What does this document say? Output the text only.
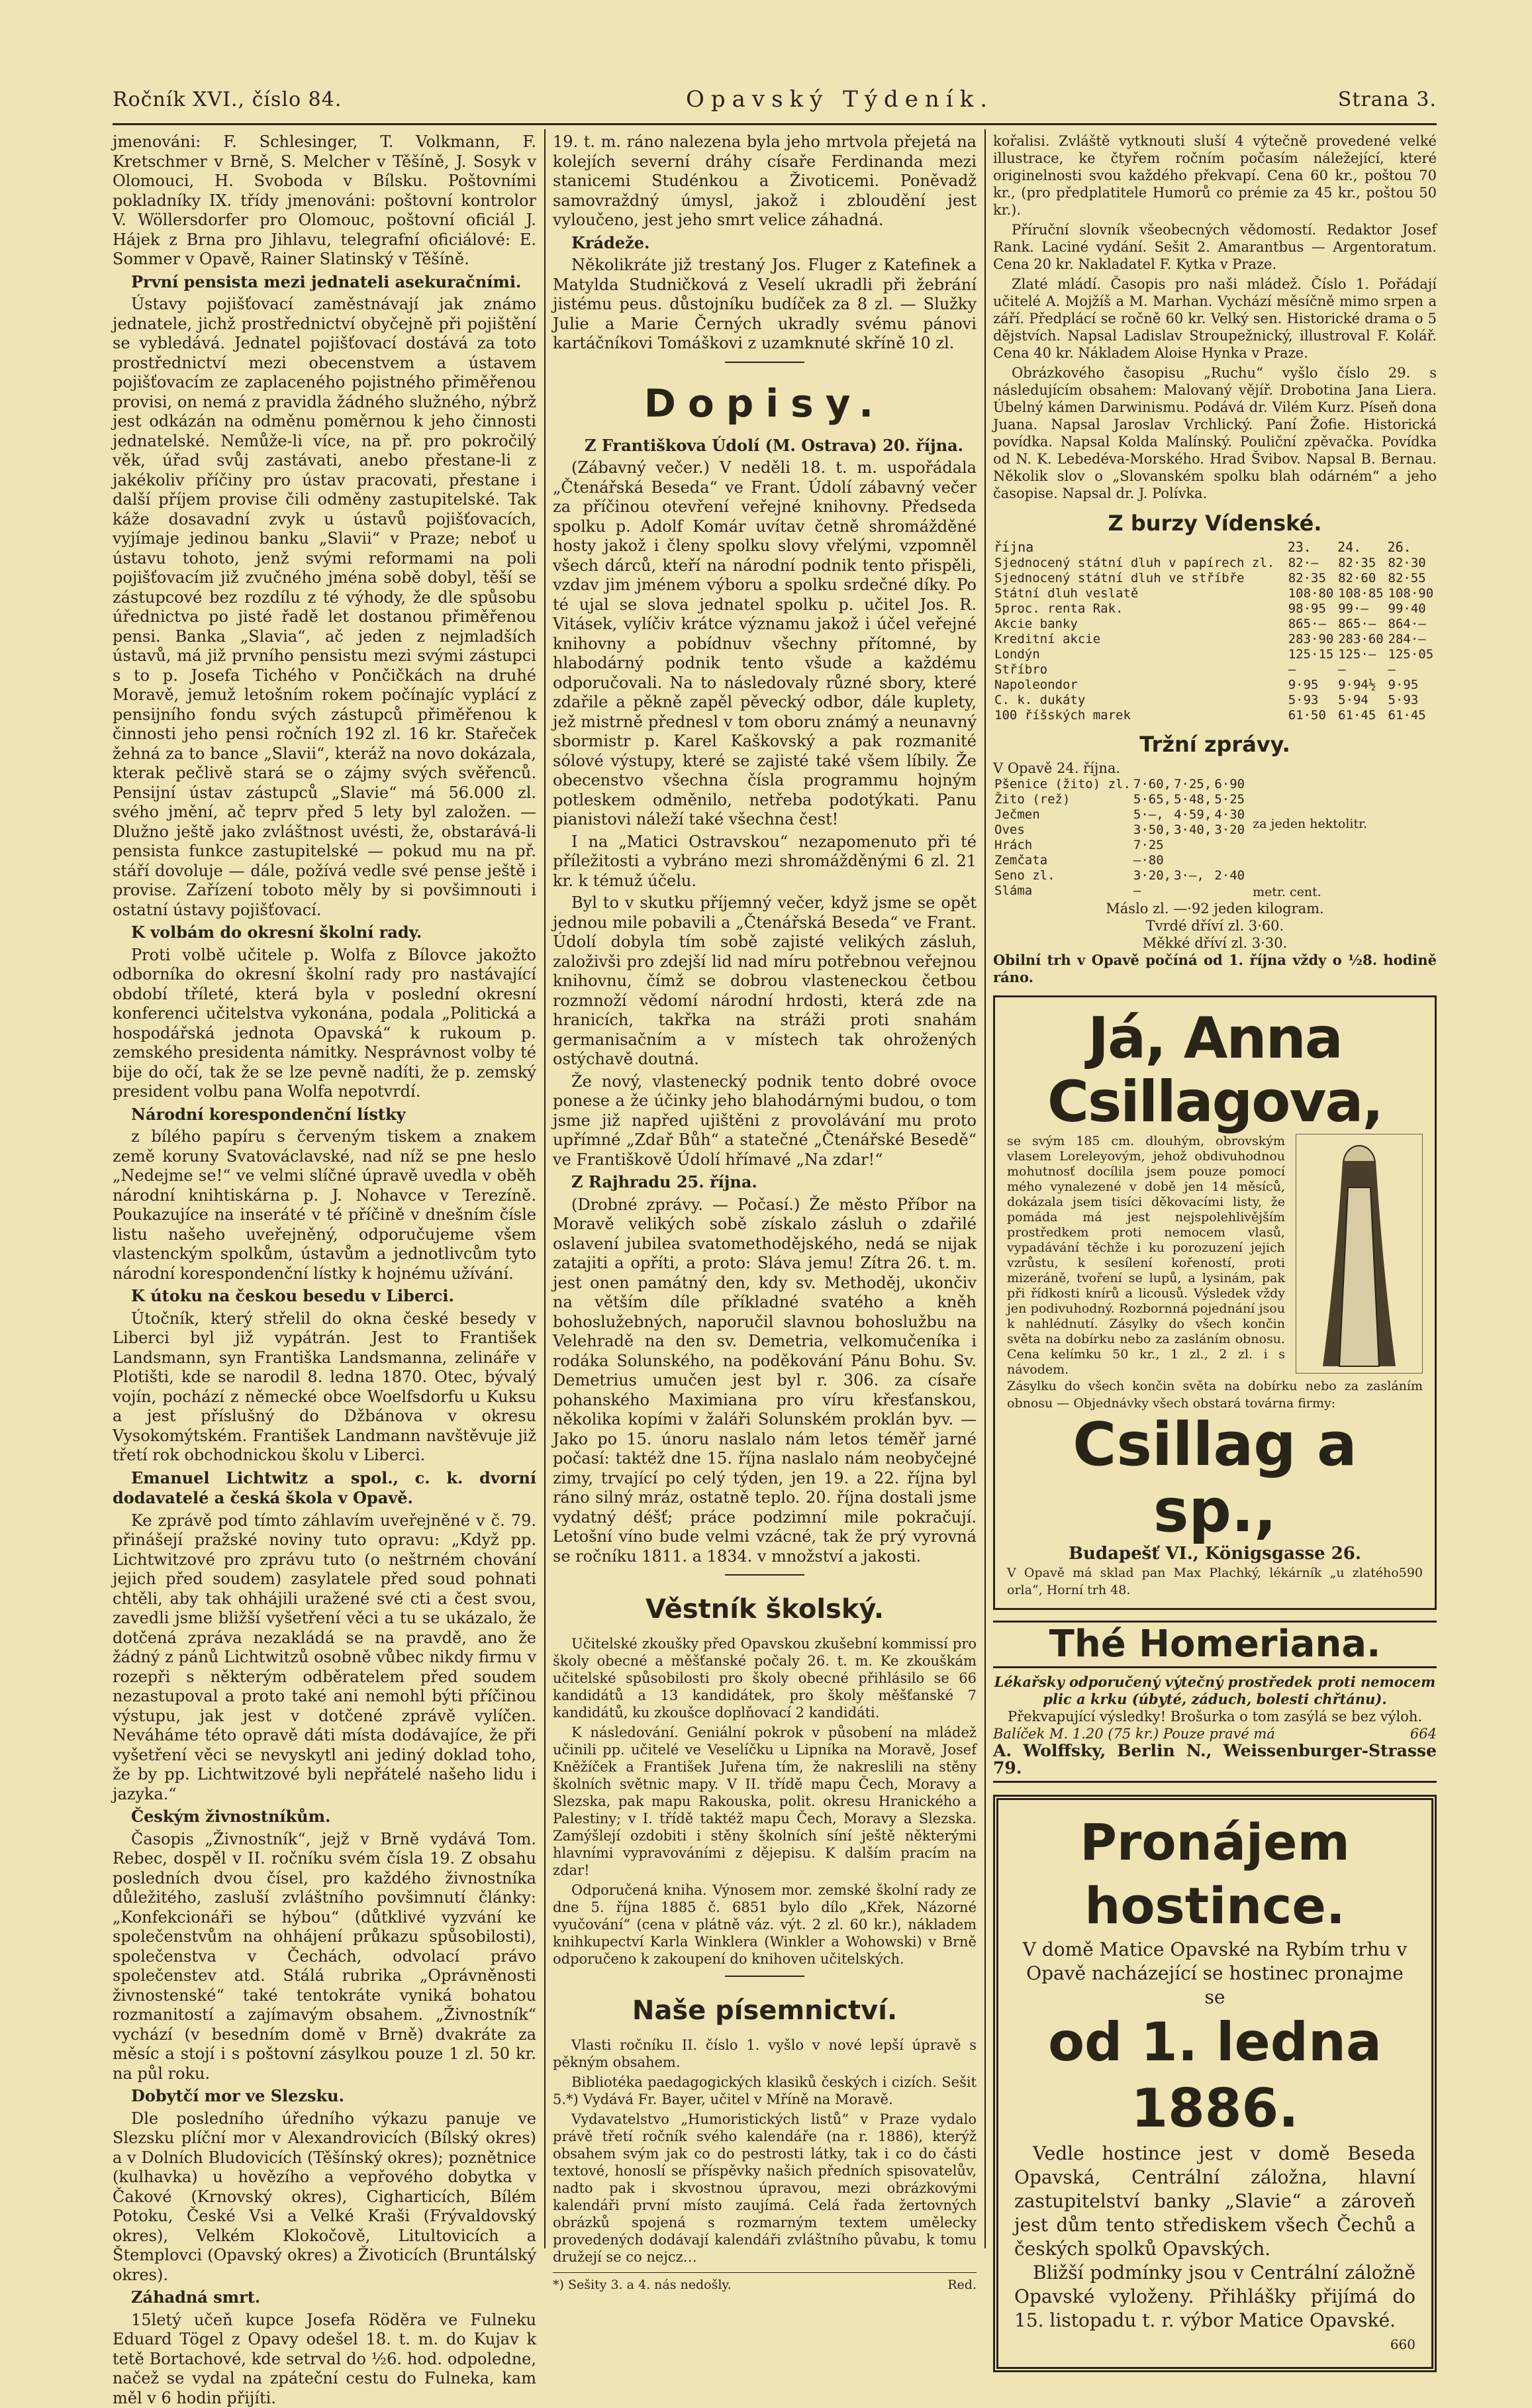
Ročník XVI., číslo 84.	Opavský Týdeník.	Strana 3.

jmenováni: F. Schlesinger, T. Volkmann, F. Kretschmer v Brně, S. Melcher v Těšíně, J. Sosyk v Olomouci, H. Svoboda v Bílsku. Poštovními pokladníky IX. třídy jmenováni: poštovní kontrolor V. Wöllersdorfer pro Olomouc, poštovní oficiál J. Hájek z Brna pro Jihlavu, telegrafní oficiálové: E. Sommer v Opavě, Rainer Slatinský v Těšíně.

První pensista mezi jednateli asekuračními.

Ústavy pojišťovací zaměstnávají jak známo jednatele, jichž prostřednictví obyčejně při pojištění se vybledává. Jednatel pojišťovací dostává za toto prostřednictví mezi obecenstvem a ústavem pojišťovacím ze zaplaceného pojistného přiměřenou provisi, on nemá z pravidla žádného služného, nýbrž jest odkázán na odměnu poměrnou k jeho činnosti jednatelské. Nemůže-li více, na př. pro pokročilý věk, úřad svůj zastávati, anebo přestane-li z jakékoliv příčiny pro ústav pracovati, přestane i další příjem provise čili odměny zastupitelské. Tak káže dosavadní zvyk u ústavů pojišťovacích, vyjímaje jedinou banku „Slavii“ v Praze; neboť u ústavu tohoto, jenž svými reformami na poli pojišťovacím již zvučného jména sobě dobyl, těší se zástupcové bez rozdílu z té výhody, že dle spůsobu úřednictva po jisté řadě let dostanou přiměřenou pensi. Banka „Slavia“, ač jeden z nejmladších ústavů, má již prvního pensistu mezi svými zástupci s to p. Josefa Tichého v Pončičkách na druhé Moravě, jemuž letošním rokem počínajíc vyplácí z pensijního fondu svých zástupců přiměřenou k činnosti jeho pensi ročních 192 zl. 16 kr. Stařeček žehná za to bance „Slavii“, kteráž na novo dokázala, kterak pečlivě stará se o zájmy svých svěřenců. Pensijní ústav zástupců „Slavie“ má 56.000 zl. svého jmění, ač teprv před 5 lety byl založen. — Dlužno ještě jako zvláštnost uvésti, že, obstarává-li pensista funkce zastupitelské — pokud mu na př. stáří dovoluje — dále, požívá vedle své pense ještě i provise. Zařízení toboto měly by si povšimnouti i ostatní ústavy pojišťovací.

K volbám do okresní školní rady.

Proti volbě učitele p. Wolfa z Bílovce jakožto odborníka do okresní školní rady pro nastávající období tříleté, která byla v poslední okresní konferenci učitelstva vykonána, podala „Politická a hospodářská jednota Opavská“ k rukoum p. zemského presidenta námitky. Nesprávnost volby té bije do očí, tak že se lze pevně nadíti, že p. zemský president volbu pana Wolfa nepotvrdí.

Národní korespondenční lístky

z bílého papíru s červeným tiskem a znakem země koruny Svatováclavské, nad níž se pne heslo „Nedejme se!“ ve velmi slíčné úpravě uvedla v oběh národní knihtiskárna p. J. Nohavce v Terezíně. Poukazujíce na inseráté v té příčině v dnešním čísle listu našeho uveřejněný, odporučujeme všem vlastenckým spolkům, ústavům a jednotlivcům tyto národní korespondenční lístky k hojnému užívání.

K útoku na českou besedu v Liberci.

Útočník, který střelil do okna české besedy v Liberci byl již vypátrán. Jest to František Landsmann, syn Františka Landsmanna, zelináře v Plotišti, kde se narodil 8. ledna 1870. Otec, bývalý vojín, pochází z německé obce Woelfsdorfu u Kuksu a jest příslušný do Džbánova v okresu Vysokomýtském. František Landmann navštěvuje již třetí rok obchodnickou školu v Liberci.

Emanuel Lichtwitz a spol., c. k. dvorní dodavatelé a česká škola v Opavě.

Ke zprávě pod tímto záhlavím uveřejněné v č. 79. přinášejí pražské noviny tuto opravu: „Když pp. Lichtwitzové pro zprávu tuto (o neštrném chování jejich před soudem) zasylatele před soud pohnati chtěli, aby tak ohhájili uražené své cti a čest svou, zavedli jsme bližší vyšetření věci a tu se ukázalo, že dotčená zpráva nezakládá se na pravdě, ano že žádný z pánů Lichtwitzů osobně vůbec nikdy firmu v rozepři s některým odběratelem před soudem nezastupoval a proto také ani nemohl býti příčinou výstupu, jak jest v dotčené zprávě vylíčen. Neváháme této opravě dáti místa dodávajíce, že při vyšetření věci se nevyskytl ani jediný doklad toho, že by pp. Lichtwitzové byli nepřátelé našeho lidu i jazyka.“

Českým živnostníkům.

Časopis „Živnostník“, jejž v Brně vydává Tom. Rebec, dospěl v II. ročníku svém čísla 19. Z obsahu posledních dvou čísel, pro každého živnostníka důležitého, zasluší zvláštního povšimnutí články: „Konfekcionáři se hýbou“ (důtklivé vyzvání ke společenstvům na ohhájení průkazu spůsobilosti), společenstva v Čechách, odvolací právo společenstev atd. Stálá rubrika „Oprávněnosti živnostenské“ také tentokráte vyniká bohatou rozmanitostí a zajímavým obsahem. „Živnostník“ vychází (v besedním domě v Brně) dvakráte za měsíc a stojí i s poštovní zásylkou pouze 1 zl. 50 kr. na půl roku.

Dobytčí mor ve Slezsku.

Dle posledního úředního výkazu panuje ve Slezsku plíční mor v Alexandrovicích (Bílský okres) a v Dolních Bludovicích (Těšínský okres); poznětnice (kulhavka) u hovězího a vepřového dobytka v Čakové (Krnovský okres), Cigharticích, Bílém Potoku, České Vsi a Velké Kraši (Frývaldovský okres), Velkém Klokočově, Litultovicích a Štemplovci (Opavský okres) a Životicích (Bruntálský okres).

Záhadná smrt.

15letý učeň kupce Josefa Röděra ve Fulneku Eduard Tögel z Opavy odešel 18. t. m. do Kujav k tetě Bortachové, kde setrval do ½6. hod. odpoledne, načež se vydal na zpáteční cestu do Fulneka, kam měl v 6 hodin přijíti.

19. t. m. ráno nalezena byla jeho mrtvola přejetá na kolejích severní dráhy císaře Ferdinanda mezi stanicemi Studénkou a Životicemi. Poněvadž samovraždný úmysl, jakož i zbloudění jest vyloučeno, jest jeho smrt velice záhadná.

Krádeže.

Několikráte již trestaný Jos. Fluger z Katefinek a Matylda Studničková z Veselí ukradli při žebrání jistému peus. důstojníku budíček za 8 zl. — Služky Julie a Marie Černých ukradly svému pánovi kartáčníkovi Tomáškovi z uzamknuté skříně 10 zl.

Dopisy.

Z Františkova Údolí (M. Ostrava) 20. října.

(Zábavný večer.) V neděli 18. t. m. uspořádala „Čtenářská Beseda“ ve Frant. Údolí zábavný večer za příčinou otevření veřejné knihovny. Předseda spolku p. Adolf Komár uvítav četně shromážděné hosty jakož i členy spolku slovy vřelými, vzpomněl všech dárců, kteří na národní podnik tento přispěli, vzdav jim jménem výboru a spolku srdečné díky. Po té ujal se slova jednatel spolku p. učitel Jos. R. Vitásek, vylíčiv krátce významu jakož i účel veřejné knihovny a pobídnuv všechny přítomné, by hlabodárný podnik tento všude a každému odporučovali. Na to následovaly různé sbory, které zdařile a pěkně zapěl pěvecký odbor, dále kuplety, jež mistrně přednesl v tom oboru známý a neunavný sbormistr p. Karel Kaškovský a pak rozmanité sólové výstupy, které se zajisté také všem líbily. Že obecenstvo všechna čísla programmu hojným potleskem odměnilo, netřeba podotýkati. Panu pianistovi náleží také všechna čest!

I na „Matici Ostravskou“ nezapomenuto při té příležitosti a vybráno mezi shromážděnými 6 zl. 21 kr. k témuž účelu.

Byl to v skutku příjemný večer, když jsme se opět jednou mile pobavili a „Čtenářská Beseda“ ve Frant. Údolí dobyla tím sobě zajisté velikých zásluh, založivši pro zdejší lid nad míru potřebnou veřejnou knihovnu, čímž se dobrou vlasteneckou četbou rozmnoží vědomí národní hrdosti, která zde na hranicích, takřka na stráži proti snahám germanisačním a v místech tak ohrožených ostýchavě doutná.

Že nový, vlastenecký podnik tento dobré ovoce ponese a že účinky jeho blahodárnými budou, o tom jsme již napřed ujištěni z provolávání mu proto upřímné „Zdař Bůh“ a statečné „Čtenářské Besedě“ ve Františkově Údolí hřímavé „Na zdar!“

Z Rajhradu 25. října.

(Drobné zprávy. — Počasí.) Že město Příbor na Moravě velikých sobě získalo zásluh o zdařilé oslavení jubilea svatomethodějského, nedá se nijak zatajiti a opříti, a proto: Sláva jemu! Zítra 26. t. m. jest onen památný den, kdy sv. Methoděj, ukončiv na větším díle příkladné svatého a kněh bohoslužebných, naporučil slavnou bohoslužbu na Velehradě na den sv. Demetria, velkomučeníka i rodáka Solunského, na poděkování Pánu Bohu. Sv. Demetrius umučen jest byl r. 306. za císaře pohanského Maximiana pro víru křesťanskou, několika kopími v žaláři Solunském proklán byv. — Jako po 15. únoru naslalo nám letos téměř jarné počasí: taktéž dne 15. října naslalo nám neobyčejné zimy, trvající po celý týden, jen 19. a 22. října byl ráno silný mráz, ostatně teplo. 20. října dostali jsme vydatný déšť; práce podzimní mile pokračují. Letošní víno bude velmi vzácné, tak že prý vyrovná se ročníku 1811. a 1834. v množství a jakosti.

Věstník školský.

Učitelské zkoušky před Opavskou zkušební kommissí pro školy obecné a měšťanské počaly 26. t. m. Ke zkouškám učitelské spůsobilosti pro školy obecné přihlásilo se 66 kandidátů a 13 kandidátek, pro školy měšťanské 7 kandidátů, ku zkoušce doplňovací 2 kandidáti.

K následování. Geniální pokrok v působení na mládež učinili pp. učitelé ve Veselíčku u Lipníka na Moravě, Josef Kněžíček a František Juřena tím, že nakreslili na stěny školních světnic mapy. V II. třídě mapu Čech, Moravy a Slezska, pak mapu Rakouska, polit. okresu Hranického a Palestiny; v I. třídě taktéž mapu Čech, Moravy a Slezska. Zamýšlejí ozdobiti i stěny školních síní ještě některými hlavními vypravováními z dějepisu. K dalším pracím na zdar!

Odporučená kniha. Výnosem mor. zemské školní rady ze dne 5. října 1885 č. 6851 bylo dílo „Křek, Názorné vyučování“ (cena v plátně váz. výt. 2 zl. 60 kr.), nákladem knihkupectví Karla Winklera (Winkler a Wohowski) v Brně odporučeno k zakoupení do knihoven učitelských.

Naše písemnictví.

Vlasti ročníku II. číslo 1. vyšlo v nové lepší úpravě s pěkným obsahem.

Bibliotéka paedagogických klasiků českých i cizích. Sešit 5.*) Vydává Fr. Bayer, učitel v Mříně na Moravě.

Vydavatelstvo „Humoristických listů“ v Praze vydalo právě třetí ročník svého kalendáře (na r. 1886), kterýž obsahem svým jak co do pestrosti látky, tak i co do části textové, honoslí se příspěvky našich předních spisovatelův, nadto pak i skvostnou úpravou, mezi obrázkovými kalendáři první místo zaujímá. Celá řada žertovných obrázků spojená s rozmarným textem umělecky provedených dodávají kalendáři zvláštního půvabu, k tomu družejí se co nejcz…

*) Sešity 3. a 4. nás nedošly.	Red.

kořalisi. Zvláště vytknouti sluší 4 výtečně provedené velké illustrace, ke čtyřem ročním počasím náležející, které originelnosti svou každého překvapí. Cena 60 kr., poštou 70 kr., (pro předplatitele Humorů co prémie za 45 kr., poštou 50 kr.).

Příruční slovník všeobecných vědomostí. Redaktor Josef Rank. Laciné vydání. Sešit 2. Amarantbus — Argentoratum. Cena 20 kr. Nakladatel F. Kytka v Praze.

Zlaté mládí. Časopis pro naši mládež. Číslo 1. Pořádají učitelé A. Mojžíš a M. Marhan. Vychází měsíčně mimo srpen a září. Předplácí se ročně 60 kr. Velký sen. Historické drama o 5 dějstvích. Napsal Ladislav Stroupežnický, illustroval F. Kolář. Cena 40 kr. Nákladem Aloise Hynka v Praze.

Obrázkového časopisu „Ruchu“ vyšlo číslo 29. s následujícím obsahem: Malovaný vějíř. Drobotina Jana Liera. Úbelný kámen Darwinismu. Podává dr. Vilém Kurz. Píseň dona Juana. Napsal Jaroslav Vrchlický. Paní Žofie. Historická povídka. Napsal Kolda Malínský. Pouliční zpěvačka. Povídka od N. K. Lebedéva-Morského. Hrad Švibov. Napsal B. Bernau. Několik slov o „Slovanském spolku blah odárném“ a jeho časopise. Napsal dr. J. Polívka.

Z burzy Vídenské.
října	23.	24.	26.
Sjednocený státní dluh v papírech zl.	82·—	82·35	82·30
Sjednocený státní dluh ve stříbře	82·35	82·60	82·55
Státní dluh veslatě	108·80	108·85	108·90
5proc. renta Rak.	98·95	99·—	99·40
Akcie banky	865·—	865·—	864·—
Kreditní akcie	283·90	283·60	284·—
Londýn	125·15	125·—	125·05
Stříbro	—	—	—
Napoleondor	9·95	9·94½	9·95
C. k. dukáty	5·93	5·94	5·93
100 říšských marek	61·50	61·45	61·45
Tržní zprávy.
V Opavě 24. října.
Pšenice (žito) zl.	7·60,	7·25,	6·90
Žito (rež)	5·65,	5·48,	5·25
Ječmen	5·—,	4·59,	4·30
Oves	3·50,	3·40,	3·20
Hrách	7·25		
Zemčata	—·80		
Seno zl.	3·20,	3·—,	2·40
Sláma	—		
za jeden hektolitr.
metr. cent.
Máslo zl. —·92 jeden kilogram.
Tvrdé dříví zl. 3·60.
Měkké dříví zl. 3·30.
Obilní trh v Opavě počíná od 1. října vždy o ½8. hodině ráno.
Já, Anna Csillagova,
se svým 185 cm. dlouhým, obrovským vlasem Loreleyovým, jehož obdivuhodnou mohutnosť docílila jsem pouze pomocí mého vynalezené v době jen 14 měsíců, dokázala jsem tisíci děkovacími listy, že pomáda má jest nejspolehlivějším prostředkem proti nemocem vlasů, vypadávání těchže i ku porozuzení jejich vzrůstu, k sesílení kořeností, proti mizeráně, tvoření se lupů, a lysinám, pak při řídkosti knírů a licousů. Výsledek vždy jen podivuhodný. Rozbornná pojednání jsou k nahlédnutí. Zásylky do všech končin světa na dobírku nebo za zasláním obnosu. Cena kelímku 50 kr., 1 zl., 2 zl. i s návodem.
Zásylku do všech končin světa na dobírku nebo za zasláním obnosu — Objednávky všech obstará továrna firmy:
Csillag a sp.,
Budapešť VI., Königsgasse 26.
V Opavě má sklad pan Max Plachký, lékárník „u zlatého orla“, Horní trh 48.
590
Thé Homeriana.
Lékařsky odporučený výtečný prostředek proti nemocem plic a krku (úbyté, záduch, bolesti chřtánu).
Překvapující výsledky! Brošurka o tom zasýlá se bez výloh.
Balíček M. 1.20 (75 kr.) Pouze pravé má	664
A. Wolffsky, Berlin N., Weissenburger-Strasse 79.
Pronájem hostince.
V domě Matice Opavské na Rybím trhu v Opavě nacházející se hostinec pronajme se
od 1. ledna 1886.
Vedle hostince jest v domě Beseda Opavská, Centrální záložna, hlavní zastupitelství banky „Slavie“ a zároveň jest dům tento střediskem všech Čechů a českých spolků Opavských.
Bližší podmínky jsou v Centrální záložně Opavské vyloženy. Přihlášky přijímá do 15. listopadu t. r. výbor Matice Opavské.
660
